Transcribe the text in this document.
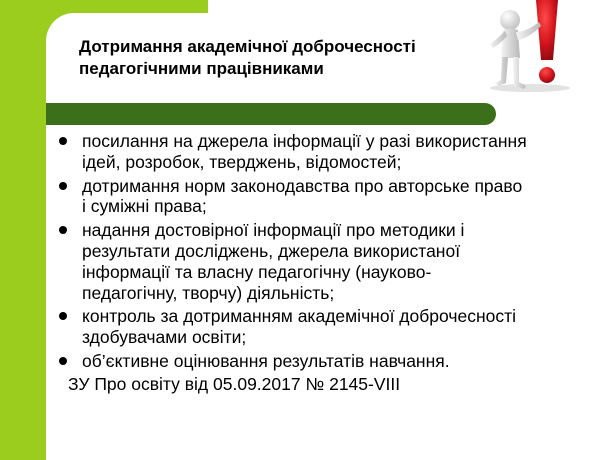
Дотримання академічної доброчесності
педагогічними працівниками
посилання на джерела інформації у разі використання
ідей, розробок, тверджень, відомостей;
дотримання норм законодавства про авторське право
і суміжні права;
надання достовірної інформації про методики і
результати досліджень, джерела використаної
інформації та власну педагогічну (науково-
педагогічну, творчу) діяльність;
контроль за дотриманням академічної доброчесності
здобувачами освіти;
об’єктивне оцінювання результатів навчання.
ЗУ Про освіту від 05.09.2017 № 2145-VIII
